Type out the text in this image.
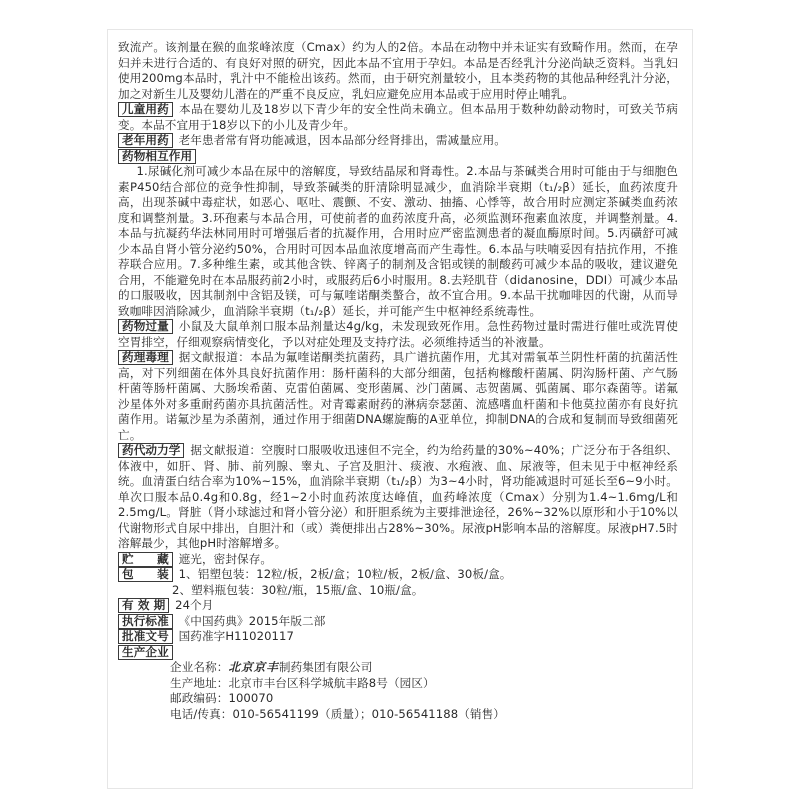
致流产。该剂量在猴的血浆峰浓度（Cmax）约为人的2倍。本品在动物中并未证实有致畸作用。然而，在孕妇并未进行合适的、有良好对照的研究，因此本品不宜用于孕妇。本品是否经乳汁分泌尚缺乏资料。当乳妇使用200mg本品时，乳汁中不能检出该药。然而，由于研究剂量较小，且本类药物的其他品种经乳汁分泌，加之对新生儿及婴幼儿潜在的严重不良反应，乳妇应避免应用本品或于应用时停止哺乳。

儿童用药 本品在婴幼儿及18岁以下青少年的安全性尚未确立。但本品用于数种幼龄动物时，可致关节病变。本品不宜用于18岁以下的小儿及青少年。

老年用药 老年患者常有肾功能减退，因本品部分经肾排出，需减量应用。

药物相互作用

1.尿碱化剂可减少本品在尿中的溶解度，导致结晶尿和肾毒性。2.本品与茶碱类合用时可能由于与细胞色素P450结合部位的竞争性抑制，导致茶碱类的肝清除明显减少，血消除半衰期（t₁/₂β）延长，血药浓度升高，出现茶碱中毒症状，如恶心、呕吐、震颤、不安、激动、抽搐、心悸等，故合用时应测定茶碱类血药浓度和调整剂量。3.环孢素与本品合用，可使前者的血药浓度升高，必须监测环孢素血浓度，并调整剂量。4.本品与抗凝药华法林同用时可增强后者的抗凝作用，合用时应严密监测患者的凝血酶原时间。5.丙磺舒可减少本品自肾小管分泌约50%，合用时可因本品血浓度增高而产生毒性。6.本品与呋喃妥因有拮抗作用，不推荐联合应用。7.多种维生素，或其他含铁、锌离子的制剂及含铝或镁的制酸药可减少本品的吸收，建议避免合用，不能避免时在本品服药前2小时，或服药后6小时服用。8.去羟肌苷（didanosine，DDI）可减少本品的口服吸收，因其制剂中含铝及镁，可与氟喹诺酮类螯合，故不宜合用。9.本品干扰咖啡因的代谢，从而导致咖啡因消除减少，血消除半衰期（t₁/₂β）延长，并可能产生中枢神经系统毒性。

药物过量 小鼠及大鼠单剂口服本品剂量达4g/kg，未发现致死作用。急性药物过量时需进行催吐或洗胃使空胃排空，仔细观察病情变化，予以对症处理及支持疗法。必须维持适当的补液量。

药理毒理 据文献报道：本品为氟喹诺酮类抗菌药，具广谱抗菌作用，尤其对需氧革兰阴性杆菌的抗菌活性高，对下列细菌在体外具良好抗菌作用：肠杆菌科的大部分细菌，包括枸橼酸杆菌属、阴沟肠杆菌、产气肠杆菌等肠杆菌属、大肠埃希菌、克雷伯菌属、变形菌属、沙门菌属、志贺菌属、弧菌属、耶尔森菌等。诺氟沙星体外对多重耐药菌亦具抗菌活性。对青霉素耐药的淋病奈瑟菌、流感嗜血杆菌和卡他莫拉菌亦有良好抗菌作用。诺氟沙星为杀菌剂，通过作用于细菌DNA螺旋酶的A亚单位，抑制DNA的合成和复制而导致细菌死亡。

药代动力学 据文献报道：空腹时口服吸收迅速但不完全，约为给药量的30%~40%；广泛分布于各组织、体液中，如肝、肾、肺、前列腺、睾丸、子宫及胆汁、痰液、水疱液、血、尿液等，但未见于中枢神经系统。血清蛋白结合率为10%~15%，血消除半衰期（t₁/₂β）为3~4小时，肾功能减退时可延长至6~9小时。单次口服本品0.4g和0.8g，经1~2小时血药浓度达峰值，血药峰浓度（Cmax）分别为1.4~1.6mg/L和2.5mg/L。肾脏（肾小球滤过和肾小管分泌）和肝胆系统为主要排泄途径，26%~32%以原形和小于10%以代谢物形式自尿中排出，自胆汁和（或）粪便排出占28%~30%。尿液pH影响本品的溶解度。尿液pH7.5时溶解最少，其他pH时溶解增多。

贮　　藏 遮光，密封保存。

包　　装 1、铝塑包装：12粒/板，2板/盒；10粒/板，2板/盒、30板/盒。

2、塑料瓶包装：30粒/瓶，15瓶/盒、10瓶/盒。

有 效 期 24个月

执行标准 《中国药典》2015年版二部

批准文号 国药准字H11020117

生产企业

企业名称：北京京丰制药集团有限公司

生产地址：北京市丰台区科学城航丰路8号（园区）

邮政编码：100070

电话/传真：010-56541199（质量）；010-56541188（销售）
